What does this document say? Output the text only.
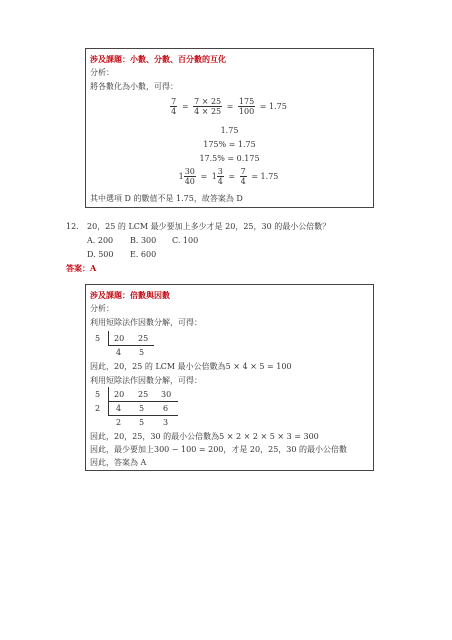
涉及課題：小數、分數、百分數的互化
分析：
將各數化為小數，可得：
$\frac{7}{4} = \frac{7 \times 25}{4 \times 25} = \frac{175}{100} = 1.75$
1.75
175% = 1.75
17.5% = 0.175
$1 \frac{30}{40} = 1 \frac{3}{4} = \frac{7}{4} = 1.75$
其中選項 D 的數值不是 1.75，故答案為 D
12. 20，25 的 LCM 最少要加上多少才是 20，25，30 的最小公倍數？
A. 200 B. 300 C. 100
D. 500 E. 600
答案：A
涉及課題：倍數與因數
分析：
利用短除法作因數分解，可得：
5 20 25
4 5
因此，20，25 的 LCM 最小公倍數為5 × 4 × 5 = 100
利用短除法作因數分解，可得：
5
2
20 25 30
4 5 6
2 5 3
因此，20，25，30 的最小公倍數為5 × 2 × 2 × 5 × 3 = 300
因此，最少要加上300 − 100 = 200，才是 20，25，30 的最小公倍數
因此，答案為 A
